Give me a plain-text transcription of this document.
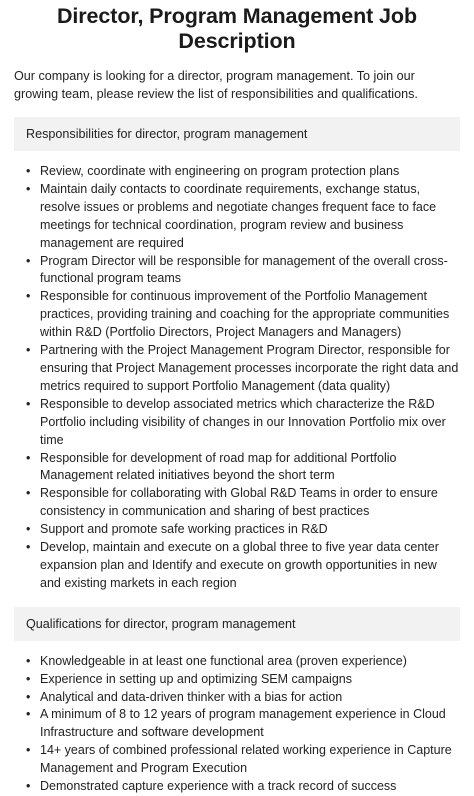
Director, Program Management Job Description

Our company is looking for a director, program management. To join our growing team, please review the list of responsibilities and qualifications.

Responsibilities for director, program management
• Review, coordinate with engineering on program protection plans
• Maintain daily contacts to coordinate requirements, exchange status, resolve issues or problems and negotiate changes frequent face to face meetings for technical coordination, program review and business management are required
• Program Director will be responsible for management of the overall cross-functional program teams
• Responsible for continuous improvement of the Portfolio Management practices, providing training and coaching for the appropriate communities within R&D (Portfolio Directors, Project Managers and Managers)
• Partnering with the Project Management Program Director, responsible for ensuring that Project Management processes incorporate the right data and metrics required to support Portfolio Management (data quality)
• Responsible to develop associated metrics which characterize the R&D Portfolio including visibility of changes in our Innovation Portfolio mix over time
• Responsible for development of road map for additional Portfolio Management related initiatives beyond the short term
• Responsible for collaborating with Global R&D Teams in order to ensure consistency in communication and sharing of best practices
• Support and promote safe working practices in R&D
• Develop, maintain and execute on a global three to five year data center expansion plan and Identify and execute on growth opportunities in new and existing markets in each region
Qualifications for director, program management
• Knowledgeable in at least one functional area (proven experience)
• Experience in setting up and optimizing SEM campaigns
• Analytical and data-driven thinker with a bias for action
• A minimum of 8 to 12 years of program management experience in Cloud Infrastructure and software development
• 14+ years of combined professional related working experience in Capture Management and Program Execution
• Demonstrated capture experience with a track record of success
